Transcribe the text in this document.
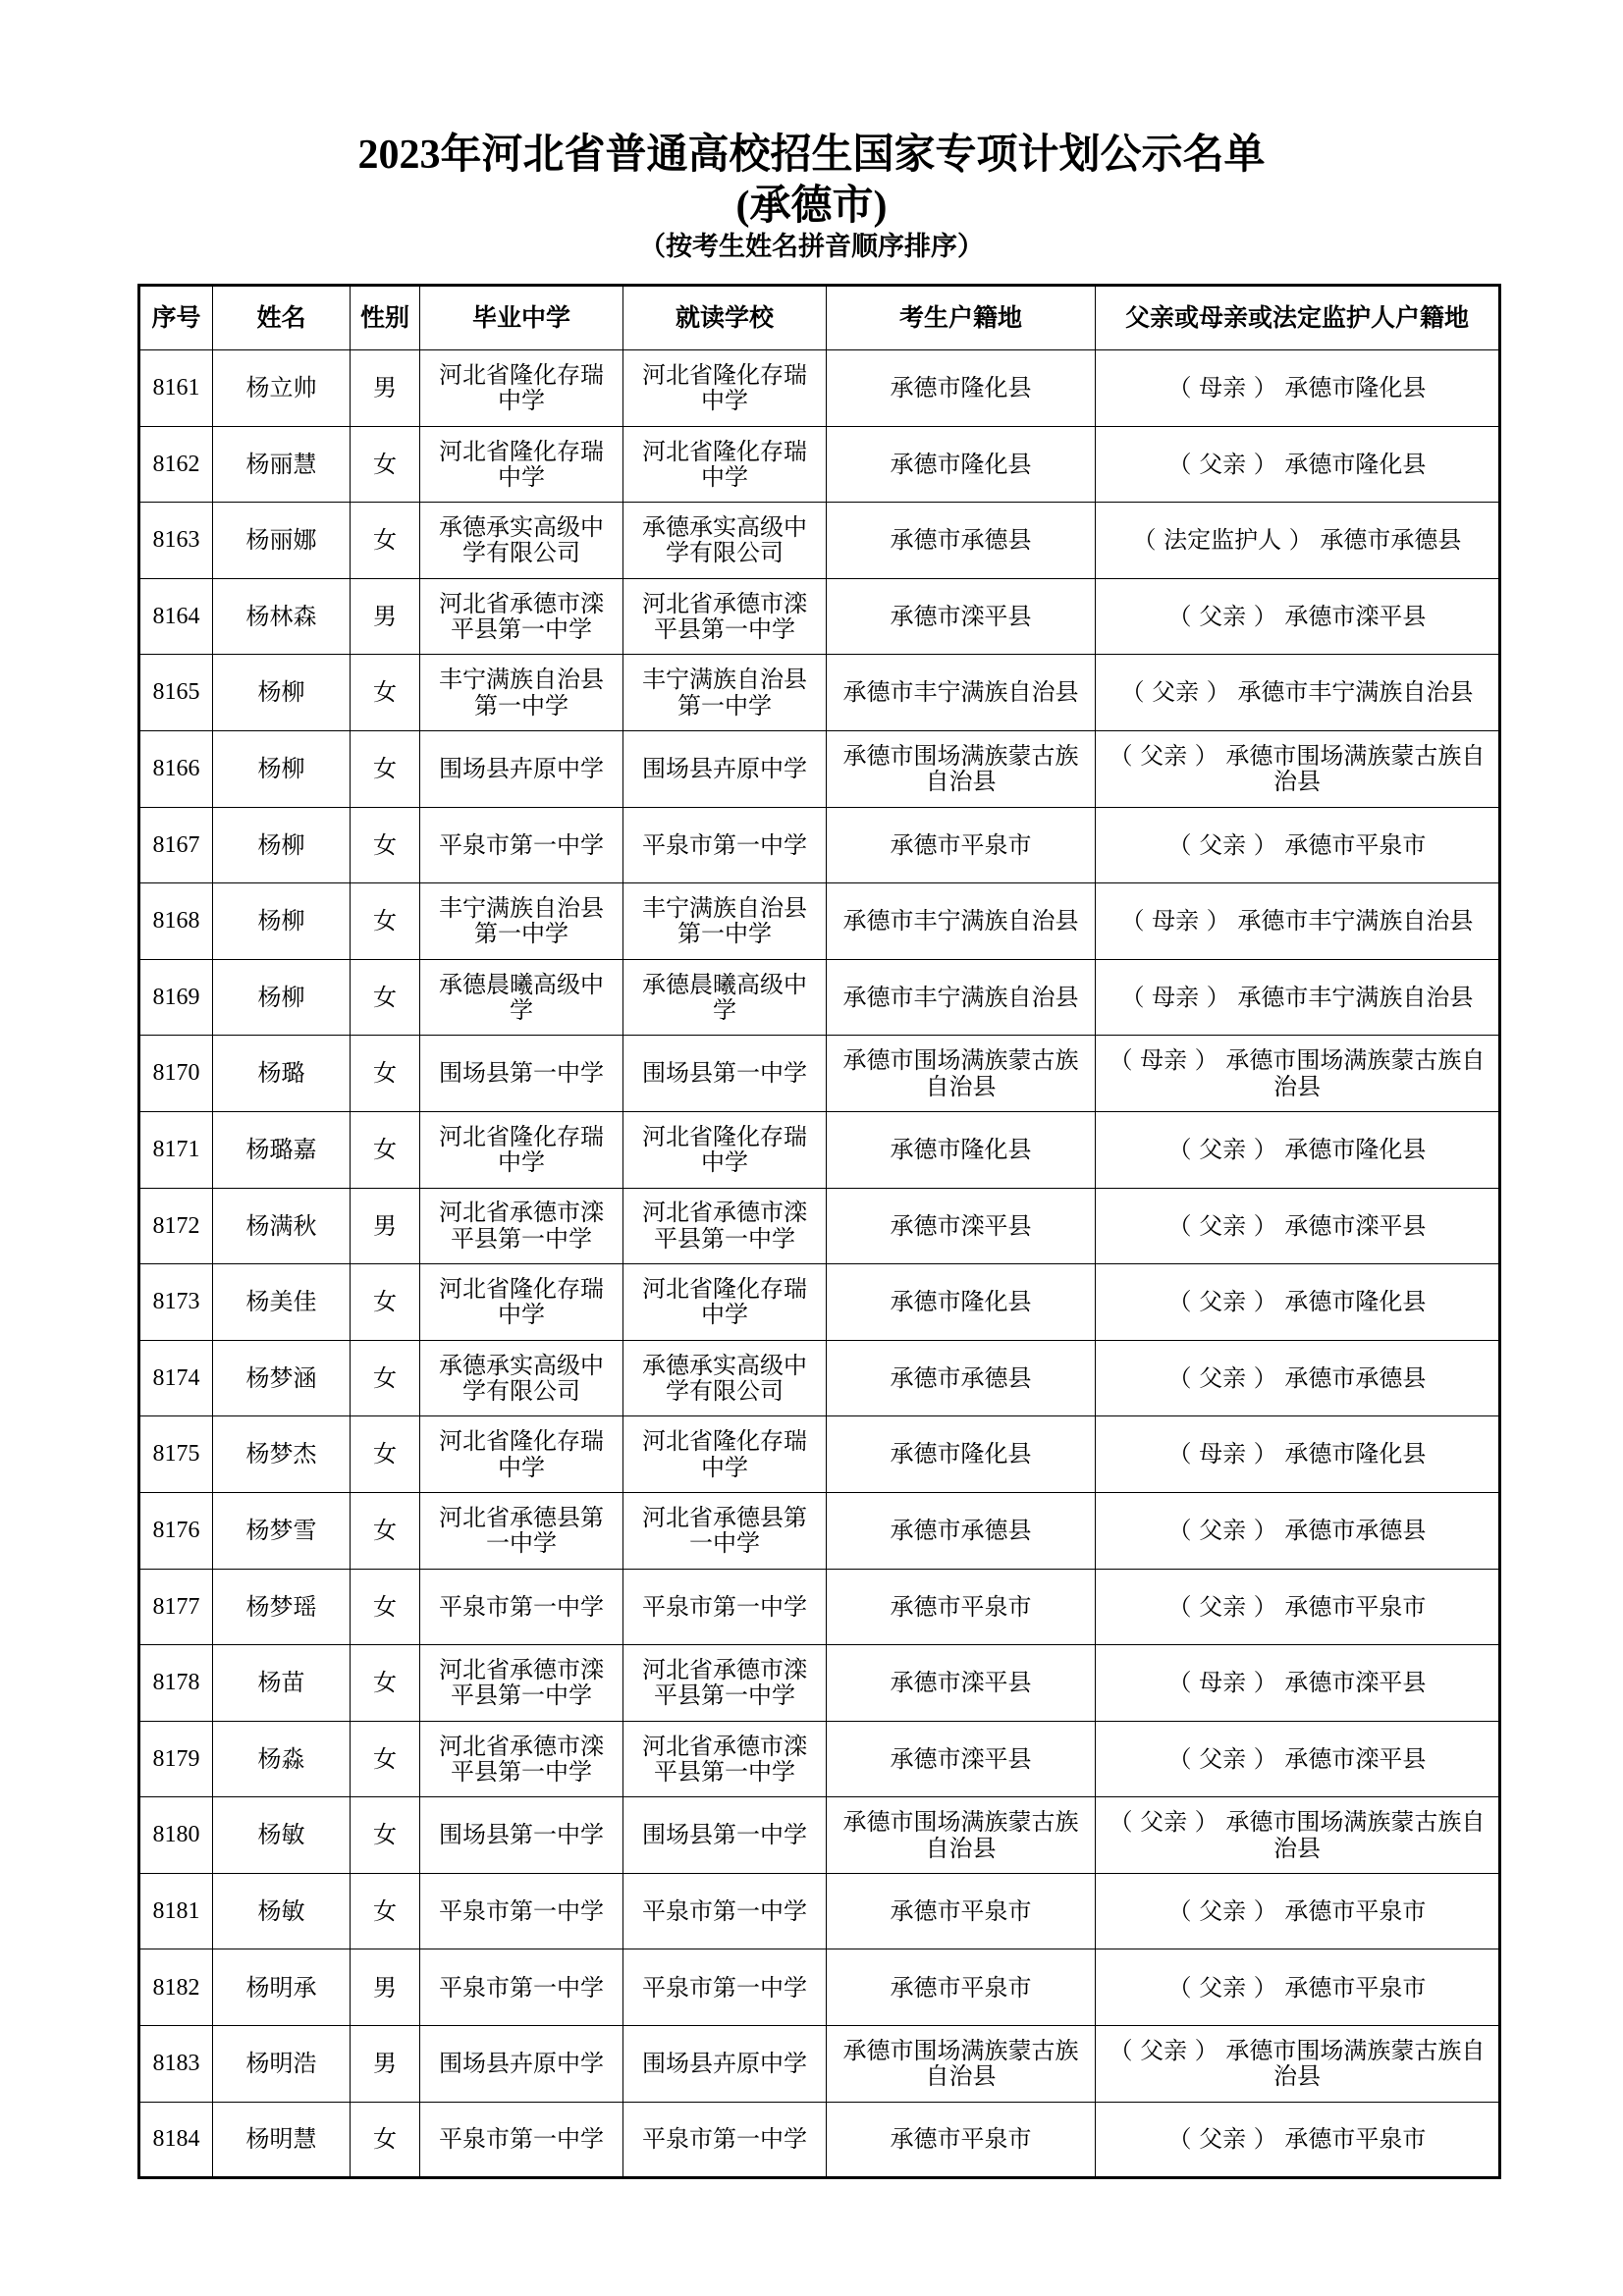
2023年河北省普通高校招生国家专项计划公示名单
(承德市)
（按考生姓名拼音顺序排序）
序号	姓名	性别	毕业中学	就读学校	考生户籍地	父亲或母亲或法定监护人户籍地
8161	杨立帅	男	河北省隆化存瑞中学	河北省隆化存瑞中学	承德市隆化县	（ 母亲 ） 承德市隆化县
8162	杨丽慧	女	河北省隆化存瑞中学	河北省隆化存瑞中学	承德市隆化县	（ 父亲 ） 承德市隆化县
8163	杨丽娜	女	承德承实高级中学有限公司	承德承实高级中学有限公司	承德市承德县	（ 法定监护人 ） 承德市承德县
8164	杨林森	男	河北省承德市滦平县第一中学	河北省承德市滦平县第一中学	承德市滦平县	（ 父亲 ） 承德市滦平县
8165	杨柳	女	丰宁满族自治县第一中学	丰宁满族自治县第一中学	承德市丰宁满族自治县	（ 父亲 ） 承德市丰宁满族自治县
8166	杨柳	女	围场县卉原中学	围场县卉原中学	承德市围场满族蒙古族自治县	（ 父亲 ） 承德市围场满族蒙古族自治县
8167	杨柳	女	平泉市第一中学	平泉市第一中学	承德市平泉市	（ 父亲 ） 承德市平泉市
8168	杨柳	女	丰宁满族自治县第一中学	丰宁满族自治县第一中学	承德市丰宁满族自治县	（ 母亲 ） 承德市丰宁满族自治县
8169	杨柳	女	承德晨曦高级中学	承德晨曦高级中学	承德市丰宁满族自治县	（ 母亲 ） 承德市丰宁满族自治县
8170	杨璐	女	围场县第一中学	围场县第一中学	承德市围场满族蒙古族自治县	（ 母亲 ） 承德市围场满族蒙古族自治县
8171	杨璐嘉	女	河北省隆化存瑞中学	河北省隆化存瑞中学	承德市隆化县	（ 父亲 ） 承德市隆化县
8172	杨满秋	男	河北省承德市滦平县第一中学	河北省承德市滦平县第一中学	承德市滦平县	（ 父亲 ） 承德市滦平县
8173	杨美佳	女	河北省隆化存瑞中学	河北省隆化存瑞中学	承德市隆化县	（ 父亲 ） 承德市隆化县
8174	杨梦涵	女	承德承实高级中学有限公司	承德承实高级中学有限公司	承德市承德县	（ 父亲 ） 承德市承德县
8175	杨梦杰	女	河北省隆化存瑞中学	河北省隆化存瑞中学	承德市隆化县	（ 母亲 ） 承德市隆化县
8176	杨梦雪	女	河北省承德县第一中学	河北省承德县第一中学	承德市承德县	（ 父亲 ） 承德市承德县
8177	杨梦瑶	女	平泉市第一中学	平泉市第一中学	承德市平泉市	（ 父亲 ） 承德市平泉市
8178	杨苗	女	河北省承德市滦平县第一中学	河北省承德市滦平县第一中学	承德市滦平县	（ 母亲 ） 承德市滦平县
8179	杨淼	女	河北省承德市滦平县第一中学	河北省承德市滦平县第一中学	承德市滦平县	（ 父亲 ） 承德市滦平县
8180	杨敏	女	围场县第一中学	围场县第一中学	承德市围场满族蒙古族自治县	（ 父亲 ） 承德市围场满族蒙古族自治县
8181	杨敏	女	平泉市第一中学	平泉市第一中学	承德市平泉市	（ 父亲 ） 承德市平泉市
8182	杨明承	男	平泉市第一中学	平泉市第一中学	承德市平泉市	（ 父亲 ） 承德市平泉市
8183	杨明浩	男	围场县卉原中学	围场县卉原中学	承德市围场满族蒙古族自治县	（ 父亲 ） 承德市围场满族蒙古族自治县
8184	杨明慧	女	平泉市第一中学	平泉市第一中学	承德市平泉市	（ 父亲 ） 承德市平泉市
